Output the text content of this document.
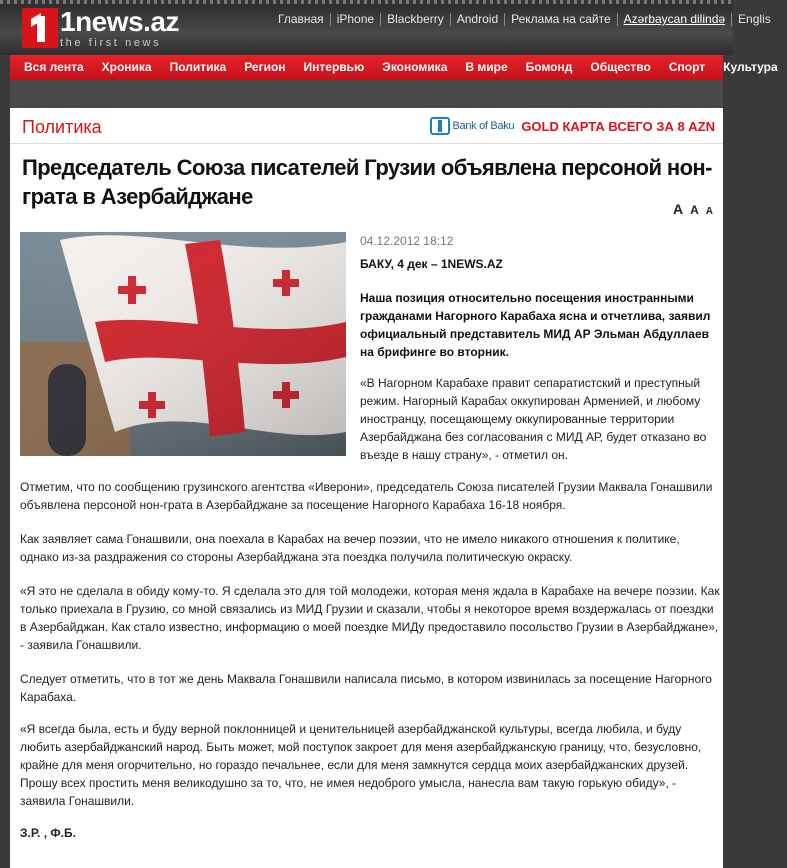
1news.az
the first news
Главная	iPhone	Blackberry	Android	Реклама на сайте	Azərbaycan dilində	Englis
Вся лента	Хроника	Политика	Регион	Интервью	Экономика	В мире	Бомонд	Общество	Спорт	Культура
Политика	Bank of Baku GOLD КАРТА ВСЕГО ЗА 8 AZN
Председатель Союза писателей Грузии объявлена персоной нон-грата в Азербайджане	A A A
04.12.2012 18:12
БАКУ, 4 дек – 1NEWS.AZ

Наша позиция относительно посещения иностранными гражданами Нагорного Карабаха ясна и отчетлива, заявил официальный представитель МИД АР Эльман Абдуллаев на брифинге во вторник.

«В Нагорном Карабахе правит сепаратистский и преступный режим. Нагорный Карабах оккупирован Арменией, и любому иностранцу, посещающему оккупированные территории Азербайджана без согласования с МИД АР, будет отказано во въезде в нашу страну», - отметил он.

Отметим, что по сообщению грузинского агентства «Иверони», председатель Союза писателей Грузии Маквала Гонашвили объявлена персоной нон-грата в Азербайджане за посещение Нагорного Карабаха 16-18 ноября.

Как заявляет сама Гонашвили, она поехала в Карабах на вечер поэзии, что не имело никакого отношения к политике, однако из-за раздражения со стороны Азербайджана эта поездка получила политическую окраску.

«Я это не сделала в обиду кому-то. Я сделала это для той молодежи, которая меня ждала в Карабахе на вечере поэзии. Как только приехала в Грузию, со мной связались из МИД Грузии и сказали, чтобы я некоторое время воздержалась от поездки в Азербайджан. Как стало известно, информацию о моей поездке МИДу предоставило посольство Грузии в Азербайджане», - заявила Гонашвили.

Следует отметить, что в тот же день Маквала Гонашвили написала письмо, в котором извинилась за посещение Нагорного Карабаха.

«Я всегда была, есть и буду верной поклонницей и ценительницей азербайджанской культуры, всегда любила, и буду любить азербайджанский народ. Быть может, мой поступок закроет для меня азербайджанскую границу, что, безусловно, крайне для меня огорчительно, но гораздо печальнее, если для меня замкнутся сердца моих азербайджанских друзей. Прошу всех простить меня великодушно за то, что, не имея недоброго умысла, нанесла вам такую горькую обиду», - заявила Гонашвили.

З.Р. , Ф.Б.
